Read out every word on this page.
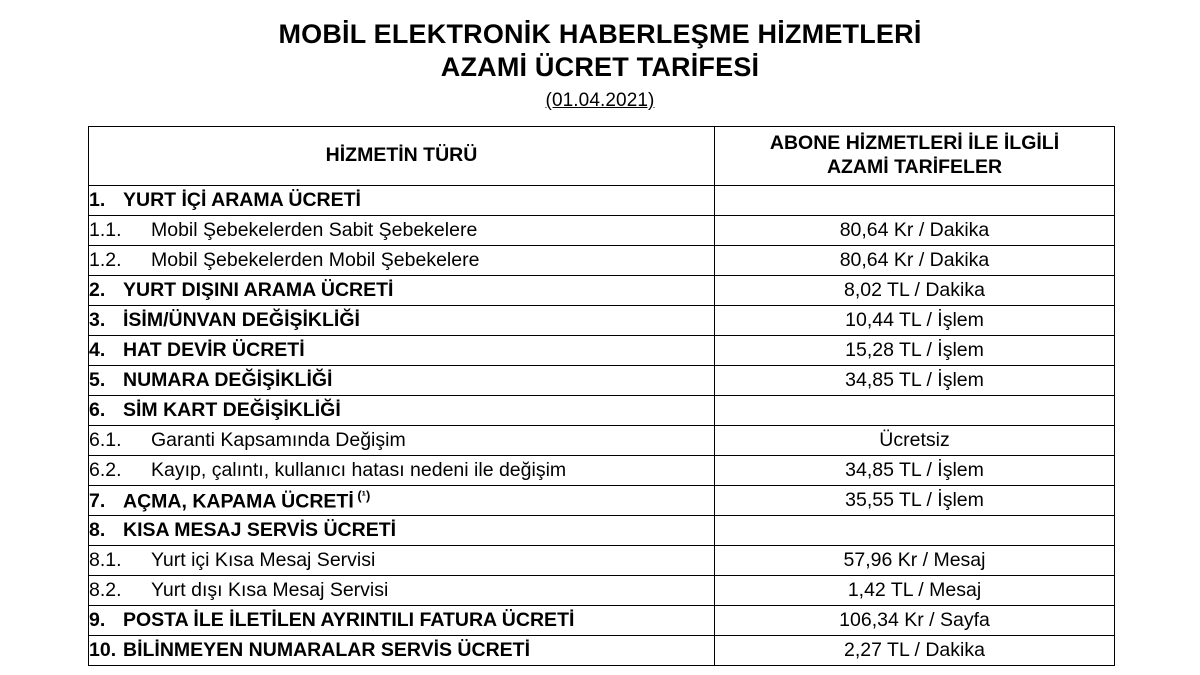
MOBİL ELEKTRONİK HABERLEŞME HİZMETLERİ
AZAMİ ÜCRET TARİFESİ
(01.04.2021)
HİZMETİN TÜRÜ	ABONE HİZMETLERİ İLE İLGİLİ
AZAMİ TARİFELER

1. YURT İÇİ ARAMA ÜCRETİ	
1.1. Mobil Şebekelerden Sabit Şebekelere	80,64 Kr / Dakika
1.2. Mobil Şebekelerden Mobil Şebekelere	80,64 Kr / Dakika
2. YURT DIŞINI ARAMA ÜCRETİ	8,02 TL / Dakika
3. İSİM/ÜNVAN DEĞİŞİKLİĞİ	10,44 TL / İşlem
4. HAT DEVİR ÜCRETİ	15,28 TL / İşlem
5. NUMARA DEĞİŞİKLİĞİ	34,85 TL / İşlem
6. SİM KART DEĞİŞİKLİĞİ	
6.1. Garanti Kapsamında Değişim	Ücretsiz
6.2. Kayıp, çalıntı, kullanıcı hatası nedeni ile değişim	34,85 TL / İşlem
7. AÇMA, KAPAMA ÜCRETİ $^{(^1)}$	35,55 TL / İşlem
8. KISA MESAJ SERVİS ÜCRETİ	
8.1. Yurt içi Kısa Mesaj Servisi	57,96 Kr / Mesaj
8.2. Yurt dışı Kısa Mesaj Servisi	1,42 TL / Mesaj
9. POSTA İLE İLETİLEN AYRINTILI FATURA ÜCRETİ	106,34 Kr / Sayfa
10. BİLİNMEYEN NUMARALAR SERVİS ÜCRETİ	2,27 TL / Dakika
